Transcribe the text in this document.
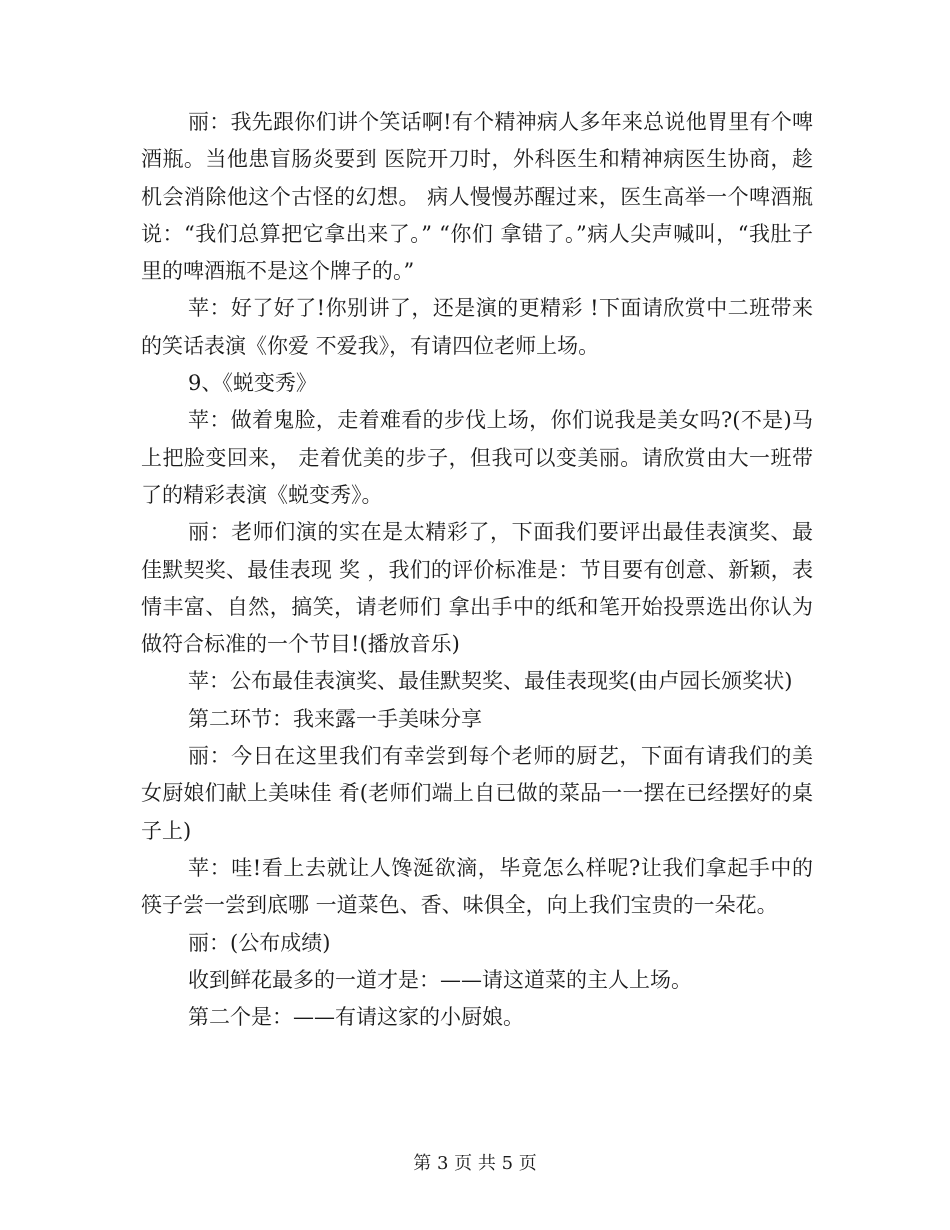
丽：我先跟你们讲个笑话啊!有个精神病人多年来总说他胃里有个啤酒瓶。当他患盲肠炎要到 医院开刀时，外科医生和精神病医生协商，趁机会消除他这个古怪的幻想。 病人慢慢苏醒过来，医生高举一个啤酒瓶说：“我们总算把它拿出来了。” “你们 拿错了。”病人尖声喊叫，“我肚子里的啤酒瓶不是这个牌子的。”

苹：好了好了!你别讲了，还是演的更精彩 !下面请欣赏中二班带来的笑话表演《你爱 不爱我》，有请四位老师上场。

9、《蜕变秀》

苹：做着鬼脸，走着难看的步伐上场，你们说我是美女吗?(不是)马上把脸变回来， 走着优美的步子，但我可以变美丽。请欣赏由大一班带了的精彩表演《蜕变秀》。

丽：老师们演的实在是太精彩了，下面我们要评出最佳表演奖、最佳默契奖、最佳表现 奖 ，我们的评价标准是：节目要有创意、新颖，表情丰富、自然，搞笑，请老师们 拿出手中的纸和笔开始投票选出你认为做符合标准的一个节目!(播放音乐)

苹：公布最佳表演奖、最佳默契奖、最佳表现奖(由卢园长颁奖状)

第二环节：我来露一手美味分享

丽：今日在这里我们有幸尝到每个老师的厨艺，下面有请我们的美女厨娘们献上美味佳 肴(老师们端上自已做的菜品一一摆在已经摆好的桌子上)

苹：哇!看上去就让人馋涎欲滴，毕竟怎么样呢?让我们拿起手中的筷子尝一尝到底哪 一道菜色、香、味俱全，向上我们宝贵的一朵花。

丽：(公布成绩)

收到鲜花最多的一道才是：——请这道菜的主人上场。

第二个是：——有请这家的小厨娘。

第 3 页 共 5 页
